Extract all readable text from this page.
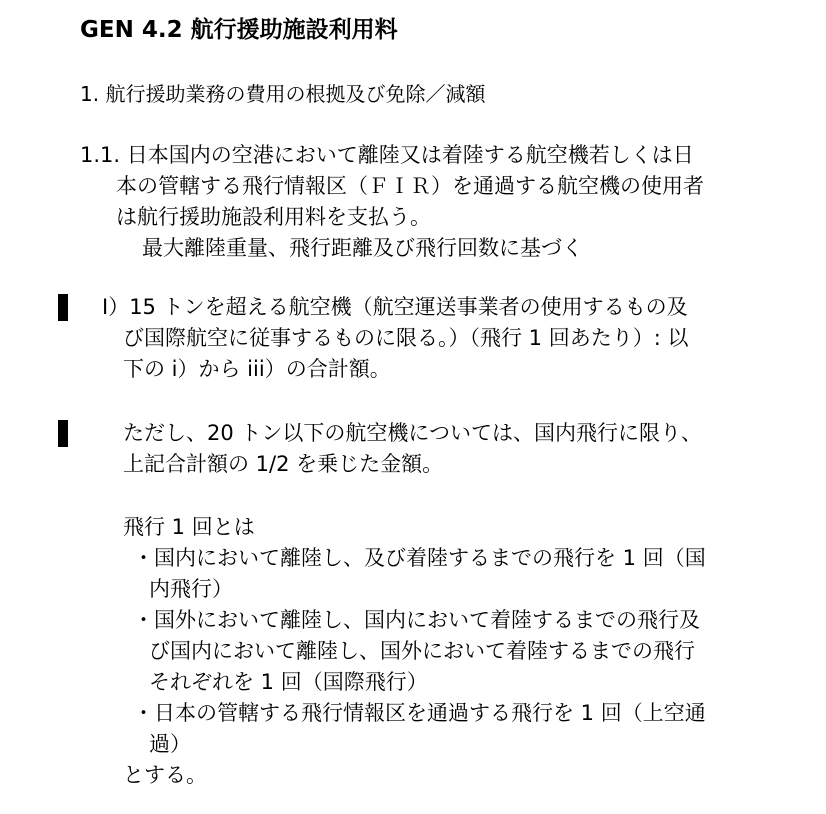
GEN 4.2 航行援助施設利用料
1. 航行援助業務の費用の根拠及び免除／減額
1.1. 日本国内の空港において離陸又は着陸する航空機若しくは日
本の管轄する飛行情報区（ＦＩＲ）を通過する航空機の使用者
は航行援助施設利用料を支払う。
最大離陸重量、飛行距離及び飛行回数に基づく
I）15 トンを超える航空機（航空運送事業者の使用するもの及
び国際航空に従事するものに限る。）（飛行 1 回あたり）: 以
下の i）から iii）の合計額。
ただし、20 トン以下の航空機については、国内飛行に限り、
上記合計額の 1/2 を乗じた金額。
飛行 1 回とは
・国内において離陸し、及び着陸するまでの飛行を 1 回（国
内飛行）
・国外において離陸し、国内において着陸するまでの飛行及
び国内において離陸し、国外において着陸するまでの飛行
それぞれを 1 回（国際飛行）
・日本の管轄する飛行情報区を通過する飛行を 1 回（上空通
過）
とする。
